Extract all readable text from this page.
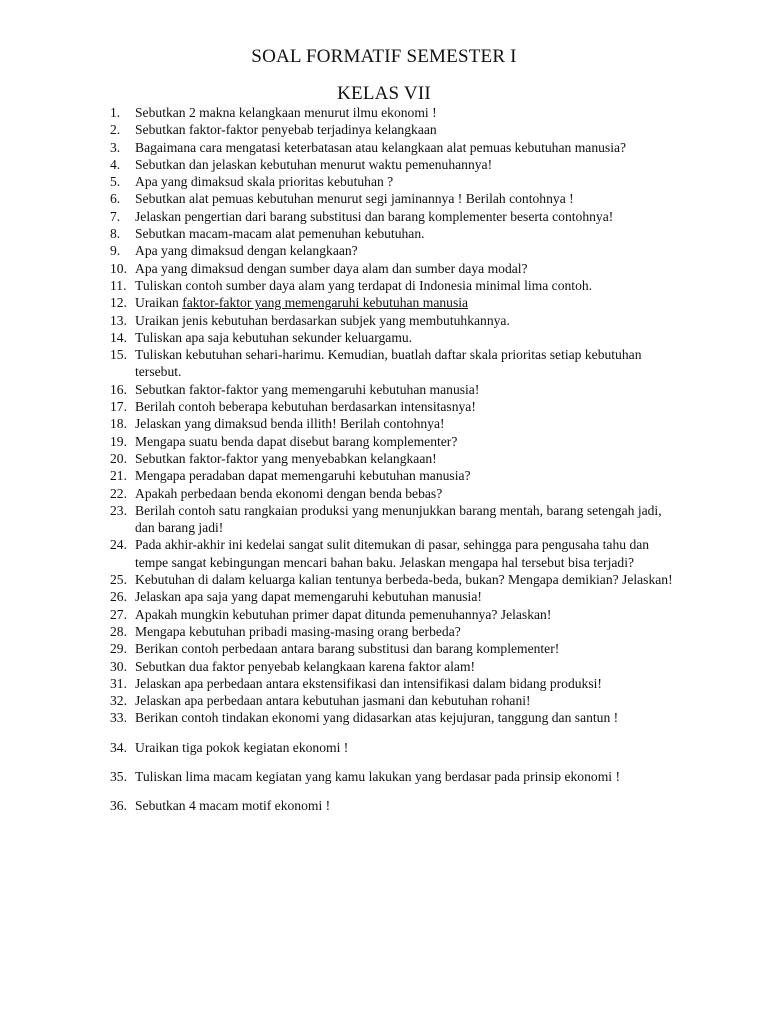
SOAL FORMATIF SEMESTER I
KELAS VII
1. Sebutkan 2 makna kelangkaan menurut ilmu ekonomi !
2. Sebutkan faktor-faktor penyebab terjadinya kelangkaan
3. Bagaimana cara mengatasi keterbatasan atau kelangkaan alat pemuas kebutuhan manusia?
4. Sebutkan dan jelaskan kebutuhan menurut waktu pemenuhannya!
5. Apa yang dimaksud skala prioritas kebutuhan ?
6. Sebutkan alat pemuas kebutuhan menurut segi jaminannya ! Berilah contohnya !
7. Jelaskan pengertian dari barang substitusi dan barang komplementer beserta contohnya!
8. Sebutkan macam-macam alat pemenuhan kebutuhan.
9. Apa yang dimaksud dengan kelangkaan?
10. Apa yang dimaksud dengan sumber daya alam dan sumber daya modal?
11. Tuliskan contoh sumber daya alam yang terdapat di Indonesia minimal lima contoh.
12. Uraikan faktor-faktor yang memengaruhi kebutuhan manusia
13. Uraikan jenis kebutuhan berdasarkan subjek yang membutuhkannya.
14. Tuliskan apa saja kebutuhan sekunder keluargamu.
15. Tuliskan kebutuhan sehari-harimu. Kemudian, buatlah daftar skala prioritas setiap kebutuhan tersebut.
16. Sebutkan faktor-faktor yang memengaruhi kebutuhan manusia!
17. Berilah contoh beberapa kebutuhan berdasarkan intensitasnya!
18. Jelaskan yang dimaksud benda illith! Berilah contohnya!
19. Mengapa suatu benda dapat disebut barang komplementer?
20. Sebutkan faktor-faktor yang menyebabkan kelangkaan!
21. Mengapa peradaban dapat memengaruhi kebutuhan manusia?
22. Apakah perbedaan benda ekonomi dengan benda bebas?
23. Berilah contoh satu rangkaian produksi yang menunjukkan barang mentah, barang setengah jadi, dan barang jadi!
24. Pada akhir-akhir ini kedelai sangat sulit ditemukan di pasar, sehingga para pengusaha tahu dan tempe sangat kebingungan mencari bahan baku. Jelaskan mengapa hal tersebut bisa terjadi?
25. Kebutuhan di dalam keluarga kalian tentunya berbeda-beda, bukan? Mengapa demikian? Jelaskan!
26. Jelaskan apa saja yang dapat memengaruhi kebutuhan manusia!
27. Apakah mungkin kebutuhan primer dapat ditunda pemenuhannya? Jelaskan!
28. Mengapa kebutuhan pribadi masing-masing orang berbeda?
29. Berikan contoh perbedaan antara barang substitusi dan barang komplementer!
30. Sebutkan dua faktor penyebab kelangkaan karena faktor alam!
31. Jelaskan apa perbedaan antara ekstensifikasi dan intensifikasi dalam bidang produksi!
32. Jelaskan apa perbedaan antara kebutuhan jasmani dan kebutuhan rohani!
33. Berikan contoh tindakan ekonomi yang didasarkan atas kejujuran, tanggung dan santun !
34. Uraikan tiga pokok kegiatan ekonomi !
35. Tuliskan lima macam kegiatan yang kamu lakukan yang berdasar pada prinsip ekonomi !
36. Sebutkan 4 macam motif ekonomi !
